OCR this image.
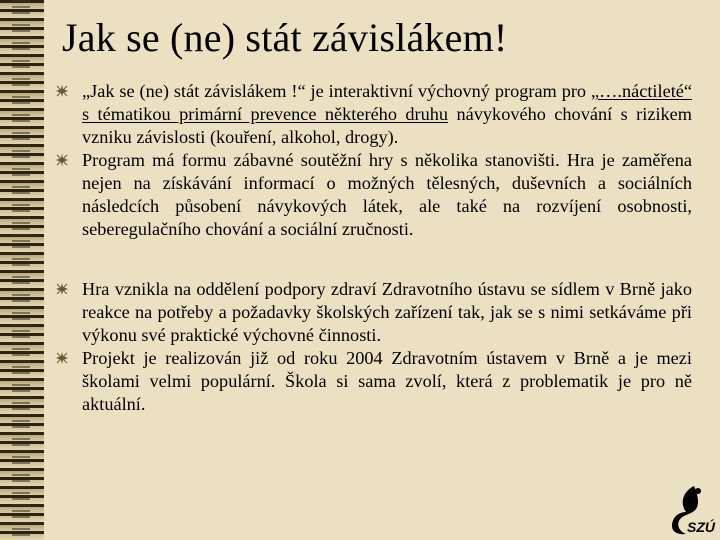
Jak se (ne) stát závislákem!

„Jak se (ne) stát závislákem !“ je interaktivní výchovný program pro „….náctileté“ s tématikou primární prevence některého druhu návykového chování s rizikem vzniku závislosti (kouření, alkohol, drogy).

Program má formu zábavné soutěžní hry s několika stanovišti. Hra je zaměřena nejen na získávání informací o možných tělesných, duševních a sociálních následcích působení návykových látek, ale také na rozvíjení osobnosti, seberegulačního chování a sociální zručnosti.

Hra vznikla na oddělení podpory zdraví Zdravotního ústavu se sídlem v Brně jako reakce na potřeby a požadavky školských zařízení tak, jak se s nimi setkáváme při výkonu své praktické výchovné činnosti.

Projekt je realizován již od roku 2004 Zdravotním ústavem v Brně a je mezi školami velmi populární. Škola si sama zvolí, která z problematik je pro ně aktuální.

SZÚ
